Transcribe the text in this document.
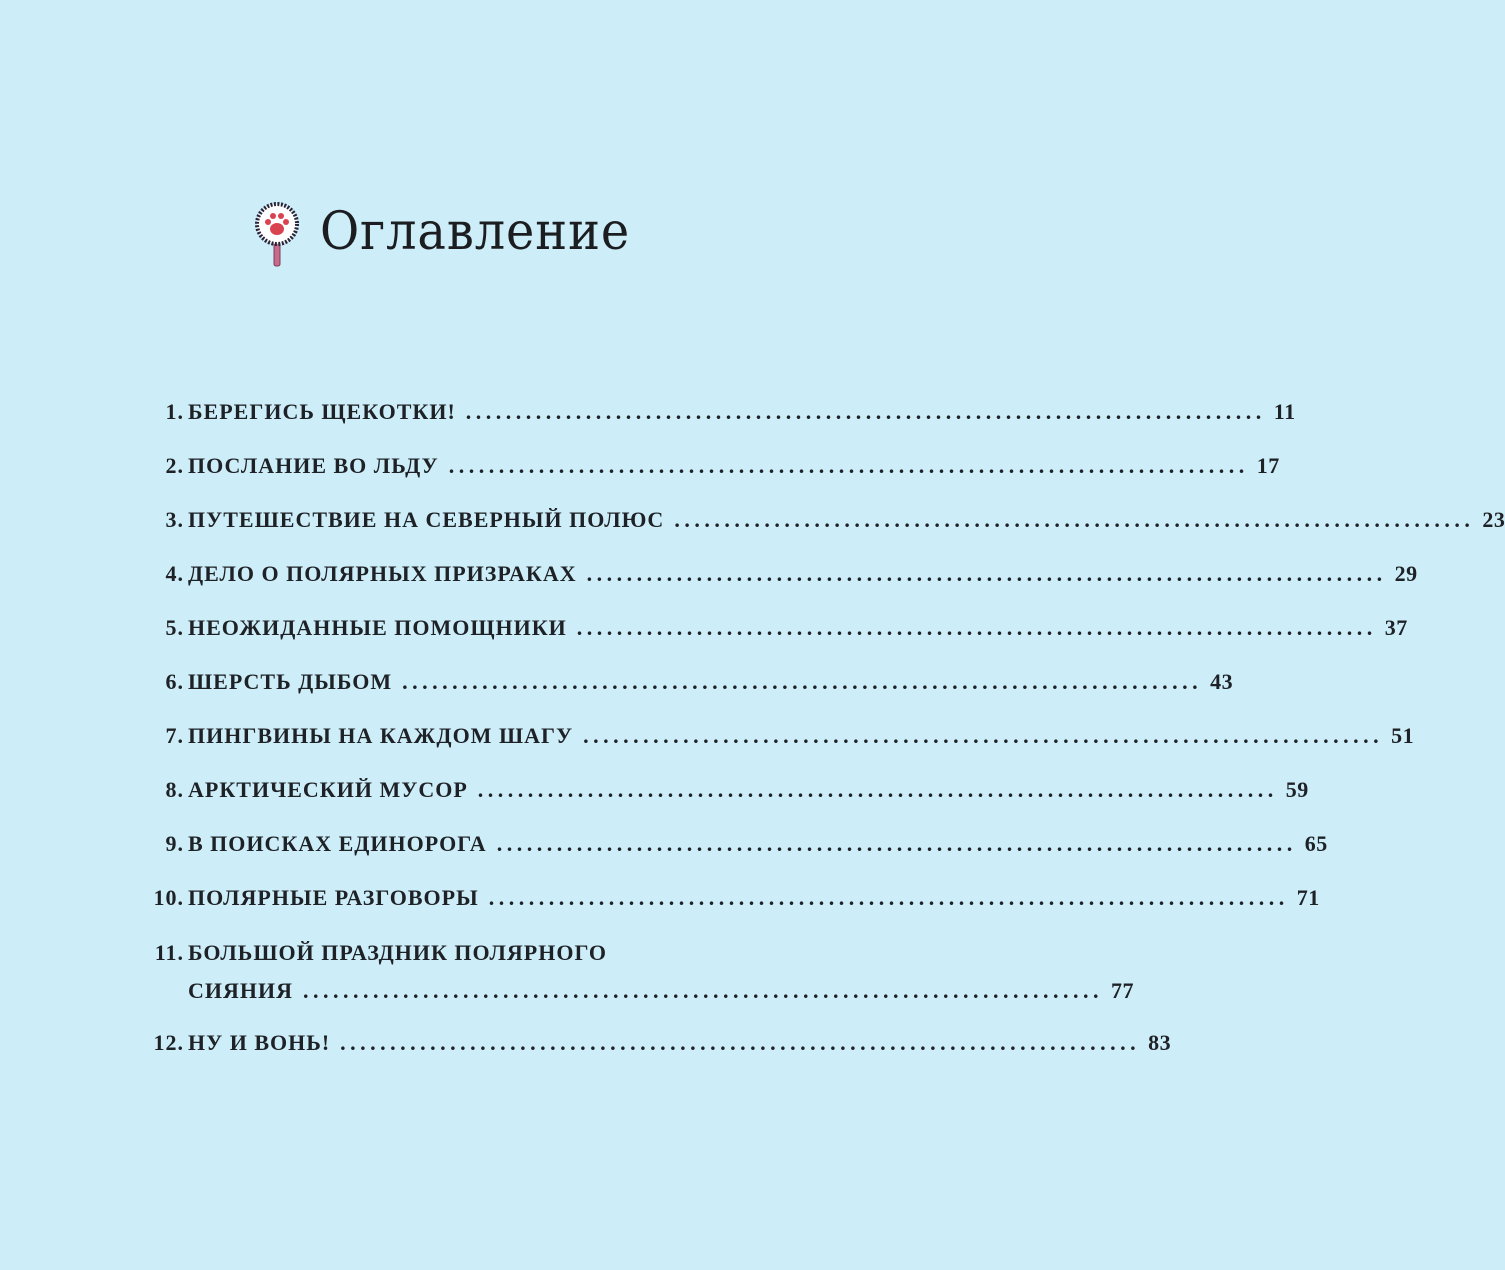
Оглавление
1. БЕРЕГИСЬ ЩЕКОТКИ! ................................................................................ 11
2. ПОСЛАНИЕ ВО ЛЬДУ ................................................................................ 17
3. ПУТЕШЕСТВИЕ НА СЕВЕРНЫЙ ПОЛЮС ................................................................................ 23
4. ДЕЛО О ПОЛЯРНЫХ ПРИЗРАКАХ ................................................................................ 29
5. НЕОЖИДАННЫЕ ПОМОЩНИКИ ................................................................................ 37
6. ШЕРСТЬ ДЫБОМ ................................................................................ 43
7. ПИНГВИНЫ НА КАЖДОМ ШАГУ ................................................................................ 51
8. АРКТИЧЕСКИЙ МУСОР ................................................................................ 59
9. В ПОИСКАХ ЕДИНОРОГА ................................................................................ 65
10. ПОЛЯРНЫЕ РАЗГОВОРЫ ................................................................................ 71
11. БОЛЬШОЙ ПРАЗДНИК ПОЛЯРНОГО
СИЯНИЯ ................................................................................ 77
12. НУ И ВОНЬ! ................................................................................ 83
